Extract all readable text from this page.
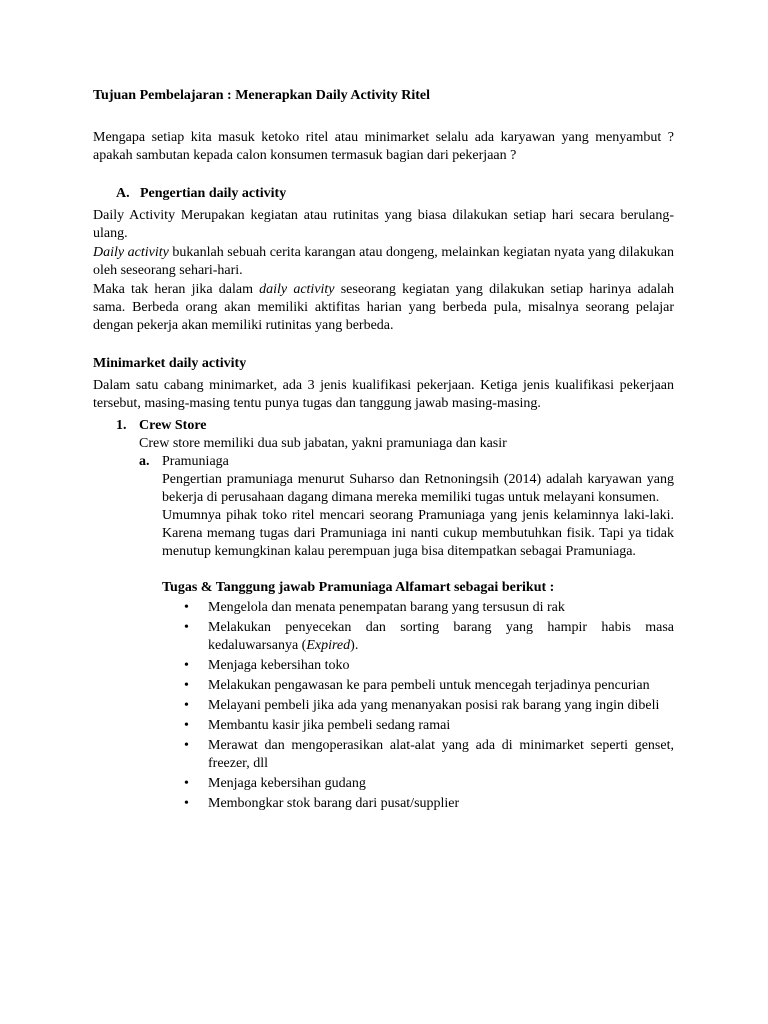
Tujuan Pembelajaran : Menerapkan Daily Activity Ritel

Mengapa setiap kita masuk ketoko ritel atau minimarket selalu ada karyawan yang menyambut ? apakah sambutan kepada calon konsumen termasuk bagian dari pekerjaan ?

A. Pengertian daily activity

Daily Activity Merupakan kegiatan atau rutinitas yang biasa dilakukan setiap hari secara berulang-ulang.

Daily activity bukanlah sebuah cerita karangan atau dongeng, melainkan kegiatan nyata yang dilakukan oleh seseorang sehari-hari.

Maka tak heran jika dalam daily activity seseorang kegiatan yang dilakukan setiap harinya adalah sama. Berbeda orang akan memiliki aktifitas harian yang berbeda pula, misalnya seorang pelajar dengan pekerja akan memiliki rutinitas yang berbeda.

Minimarket daily activity

Dalam satu cabang minimarket, ada 3 jenis kualifikasi pekerjaan. Ketiga jenis kualifikasi pekerjaan tersebut, masing-masing tentu punya tugas dan tanggung jawab masing-masing.

1. Crew Store
Crew store memiliki dua sub jabatan, yakni pramuniaga dan kasir
a. Pramuniaga

Pengertian pramuniaga menurut Suharso dan Retnoningsih (2014) adalah karyawan yang bekerja di perusahaan dagang dimana mereka memiliki tugas untuk melayani konsumen.

Umumnya pihak toko ritel mencari seorang Pramuniaga yang jenis kelaminnya laki-laki. Karena memang tugas dari Pramuniaga ini nanti cukup membutuhkan fisik. Tapi ya tidak menutup kemungkinan kalau perempuan juga bisa ditempatkan sebagai Pramuniaga.

Tugas & Tanggung jawab Pramuniaga Alfamart sebagai berikut :

• Mengelola dan menata penempatan barang yang tersusun di rak
• Melakukan penyecekan dan sorting barang yang hampir habis masa kedaluwarsanya (Expired).
• Menjaga kebersihan toko
• Melakukan pengawasan ke para pembeli untuk mencegah terjadinya pencurian
• Melayani pembeli jika ada yang menanyakan posisi rak barang yang ingin dibeli
• Membantu kasir jika pembeli sedang ramai
• Merawat dan mengoperasikan alat-alat yang ada di minimarket seperti genset, freezer, dll
• Menjaga kebersihan gudang
• Membongkar stok barang dari pusat/supplier
